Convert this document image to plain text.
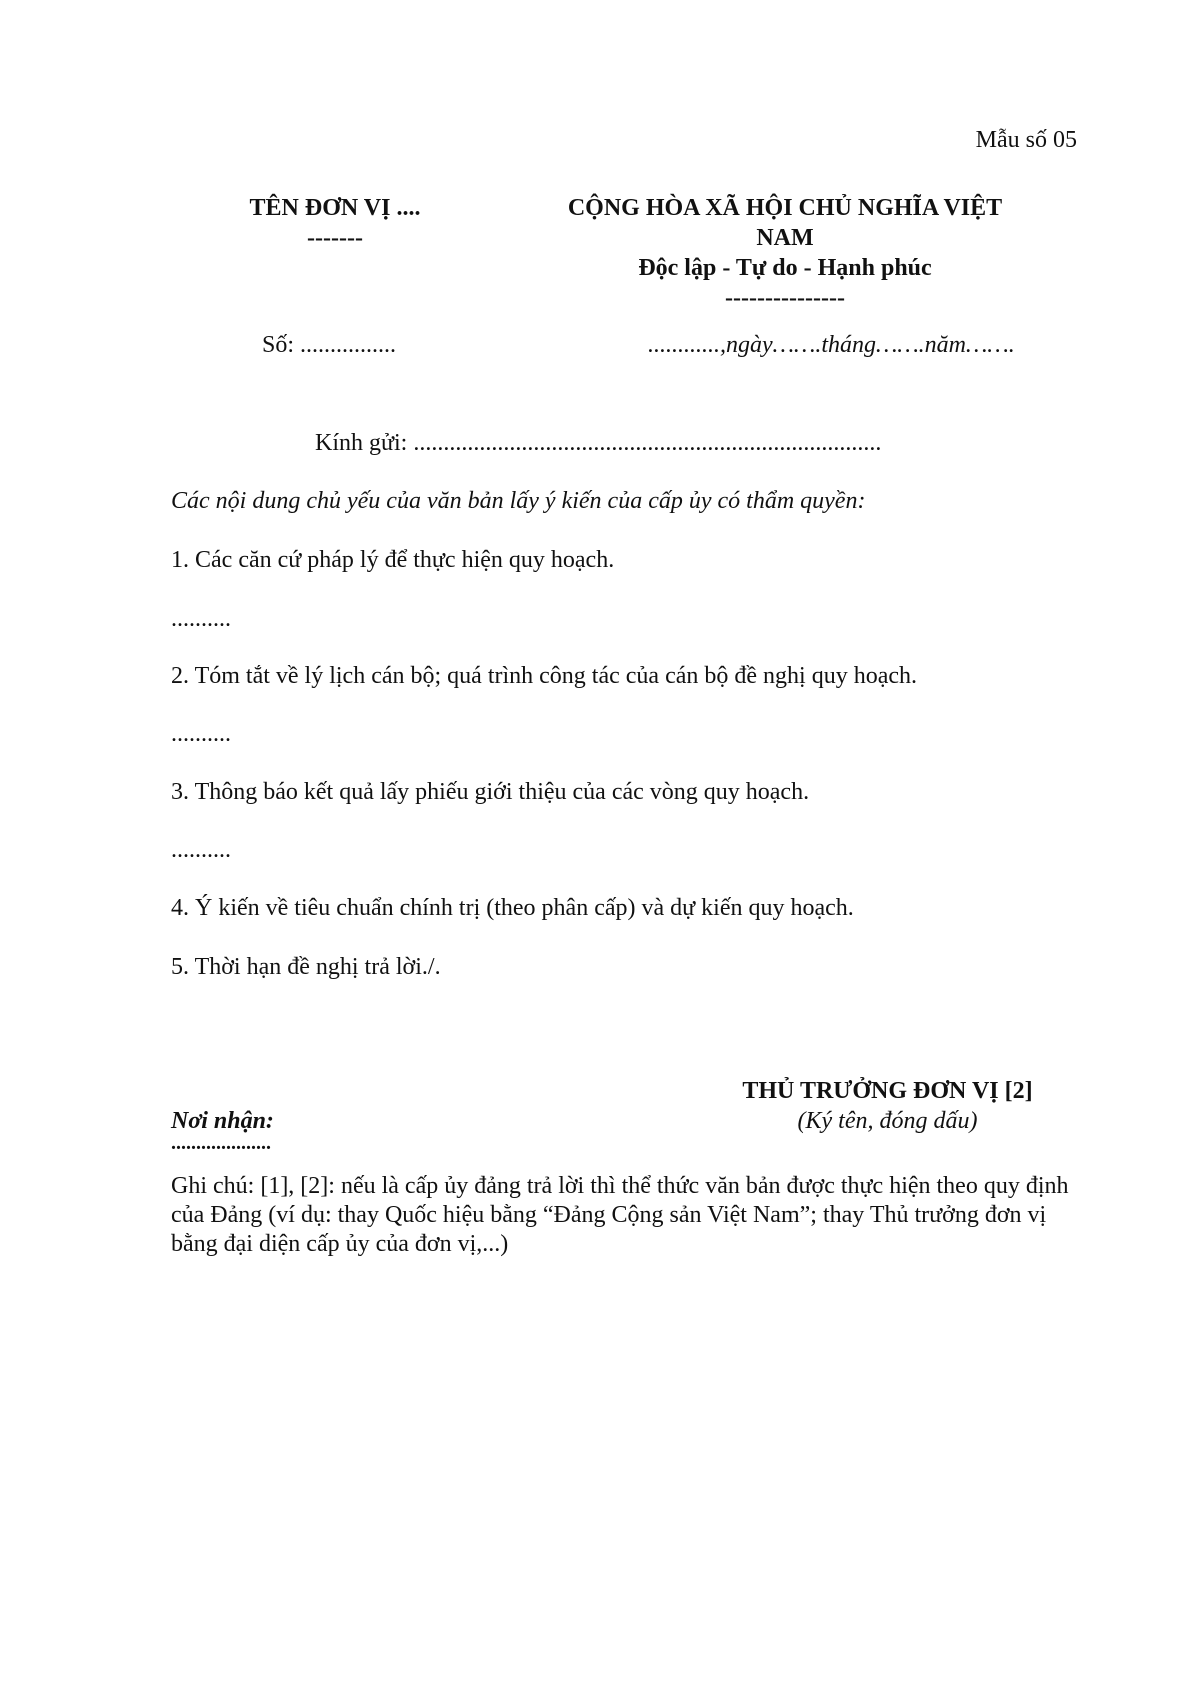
Mẫu số 05
TÊN ĐƠN VỊ ....
-------
CỘNG HÒA XÃ HỘI CHỦ NGHĨA VIỆT
NAM
Độc lập - Tự do - Hạnh phúc
---------------
Số: ................	............,ngày…….tháng…….năm…….
Kính gửi: ..............................................................................
Các nội dung chủ yếu của văn bản lấy ý kiến của cấp ủy có thẩm quyền:
1. Các căn cứ pháp lý để thực hiện quy hoạch.
..........
2. Tóm tắt về lý lịch cán bộ; quá trình công tác của cán bộ đề nghị quy hoạch.
..........
3. Thông báo kết quả lấy phiếu giới thiệu của các vòng quy hoạch.
..........
4. Ý kiến về tiêu chuẩn chính trị (theo phân cấp) và dự kiến quy hoạch.
5. Thời hạn đề nghị trả lời./.
THỦ TRƯỞNG ĐƠN VỊ [2]
(Ký tên, đóng dấu)
Nơi nhận:
....................
Ghi chú: [1], [2]: nếu là cấp ủy đảng trả lời thì thể thức văn bản được thực hiện theo quy định của Đảng (ví dụ: thay Quốc hiệu bằng “Đảng Cộng sản Việt Nam”; thay Thủ trưởng đơn vị bằng đại diện cấp ủy của đơn vị,...)
